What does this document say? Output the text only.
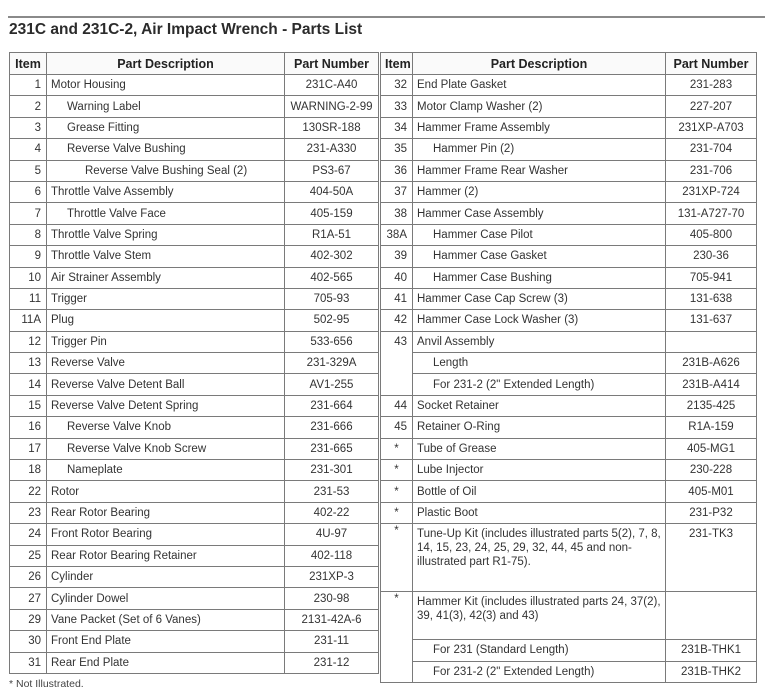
231C and 231C-2, Air Impact Wrench - Parts List
Item	Part Description	Part Number
1	Motor Housing	231C-A40
2	Warning Label	WARNING-2-99
3	Grease Fitting	130SR-188
4	Reverse Valve Bushing	231-A330
5	Reverse Valve Bushing Seal (2)	PS3-67
6	Throttle Valve Assembly	404-50A
7	Throttle Valve Face	405-159
8	Throttle Valve Spring	R1A-51
9	Throttle Valve Stem	402-302
10	Air Strainer Assembly	402-565
11	Trigger	705-93
11A	Plug	502-95
12	Trigger Pin	533-656
13	Reverse Valve	231-329A
14	Reverse Valve Detent Ball	AV1-255
15	Reverse Valve Detent Spring	231-664
16	Reverse Valve Knob	231-666
17	Reverse Valve Knob Screw	231-665
18	Nameplate	231-301
22	Rotor	231-53
23	Rear Rotor Bearing	402-22
24	Front Rotor Bearing	4U-97
25	Rear Rotor Bearing Retainer	402-118
26	Cylinder	231XP-3
27	Cylinder Dowel	230-98
29	Vane Packet (Set of 6 Vanes)	2131-42A-6
30	Front End Plate	231-11
31	Rear End Plate	231-12
Item	Part Description	Part Number
32	End Plate Gasket	231-283
33	Motor Clamp Washer (2)	227-207
34	Hammer Frame Assembly	231XP-A703
35	Hammer Pin (2)	231-704
36	Hammer Frame Rear Washer	231-706
37	Hammer (2)	231XP-724
38	Hammer Case Assembly	131-A727-70
38A	Hammer Case Pilot	405-800
39	Hammer Case Gasket	230-36
40	Hammer Case Bushing	705-941
41	Hammer Case Cap Screw (3)	131-638
42	Hammer Case Lock Washer (3)	131-637
43	Anvil Assembly	
	Length	231B-A626
	For 231-2 (2" Extended Length)	231B-A414
44	Socket Retainer	2135-425
45	Retainer O-Ring	R1A-159
*	Tube of Grease	405-MG1
*	Lube Injector	230-228
*	Bottle of Oil	405-M01
*	Plastic Boot	231-P32
*	Tune-Up Kit (includes illustrated parts 5(2), 7, 8, 14, 15, 23, 24, 25, 29, 32, 44, 45 and non-illustrated part R1-75).	231-TK3
*	Hammer Kit (includes illustrated parts 24, 37(2), 39, 41(3), 42(3) and 43)	
	For 231 (Standard Length)	231B-THK1
	For 231-2 (2" Extended Length)	231B-THK2
* Not Illustrated.
